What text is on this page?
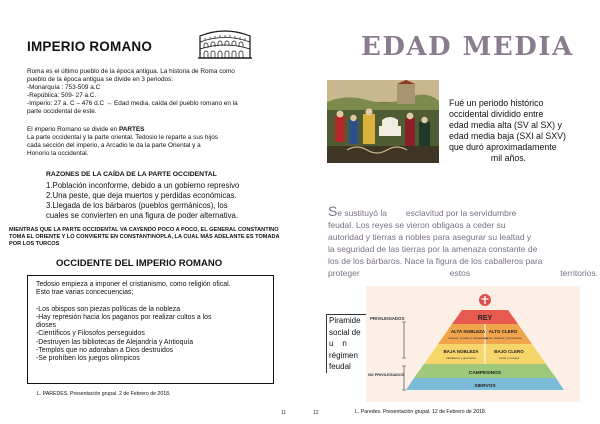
IMPERIO ROMANO
Roma es el último pueblo de la época antigua. La historia de Roma como
pueblo de la época antigua se divide en 3 periodos:
-Monarquía : 753-509 a.C
-República: 509- 27 a.C.
-Imperio: 27 a. C – 476 d.C → Edad media, caída del pueblo romano en la
parte occidental de este.
El imperio Romano se divide en PARTES
La parte occidental y la parte oriental. Tedosio le reparte a sus hijos
cada sección del imperio, a Arcadio le da la parte Oriental y a
Honorio la occidental.
RAZONES DE LA CAÍDA DE LA PARTE OCCIDENTAL
1.Población inconforme, debido a un gobierno represivo
2.Una peste, que deja muertos y perdidas económicas.
3.Llegada de los bárbaros (pueblos germánicos), los
cuales se convierten en una figura de poder alternativa.
MIENTRAS QUE LA PARTE OCCIDENTAL VA CAYENDO POCO A POCO, EL GENERAL CONSTANTINO
TOMA EL ORIENTE Y LO CONVIERTE EN CONSTANTINOPLA, LA CUAL MÁS ADELANTE ES TOMADA
POR LOS TURCOS
OCCIDENTE DEL IMPERIO ROMANO
Tedosio empieza a imponer el cristianismo, como religión ofical.
Esto trae varias concecuencias;
-Los obispos son piezas políticas de la nobleza
-Hay represión hacia los paganos por realizar cultos a los
dioses
-Científicos y Filosofos perseguidos
-Destruyen las bibliotecas de Alejandría y Antioquía
-Templos que no adoraban a Dios destruidos
-Se prohíben los juegos olímpicos
L. PAREDES. Presentación grupal. 2 de Febrero de 2018.
11	12
EDAD MEDIA
Fué un periodo histórico
occidental dividido entre
edad media alta (SV al SX) y
edad media baja (SXI al SXV)
que duró aproximadamente
mil años.
Se sustituyó la        esclavitud por la servidumbre
feudal. Los reyes se vieron obligaos a ceder su
autoridad y tierras a nobles para asegurar su lealtad y
la seguridad de las tierras por la amenaza constante de
los de los bárbaros. Nace la figura de los caballeros para
proteger	estos	territorios.
Piramide
social de
u    n
régimen
feudal
REY
ALTA NOBLEZA
duques, condes y marqueses
ALTO CLERO
papas, obispos y arzobispos
BAJA NOBLEZA
caballeros y guerreros
BAJO CLERO
curas y monjes
CAMPESINOS
SIERVOS
PRIVILEGIADOS
NO PRIVILEGIADOS
L. Paredes. Presentación grupal. 12 de Febrero de 2018.
